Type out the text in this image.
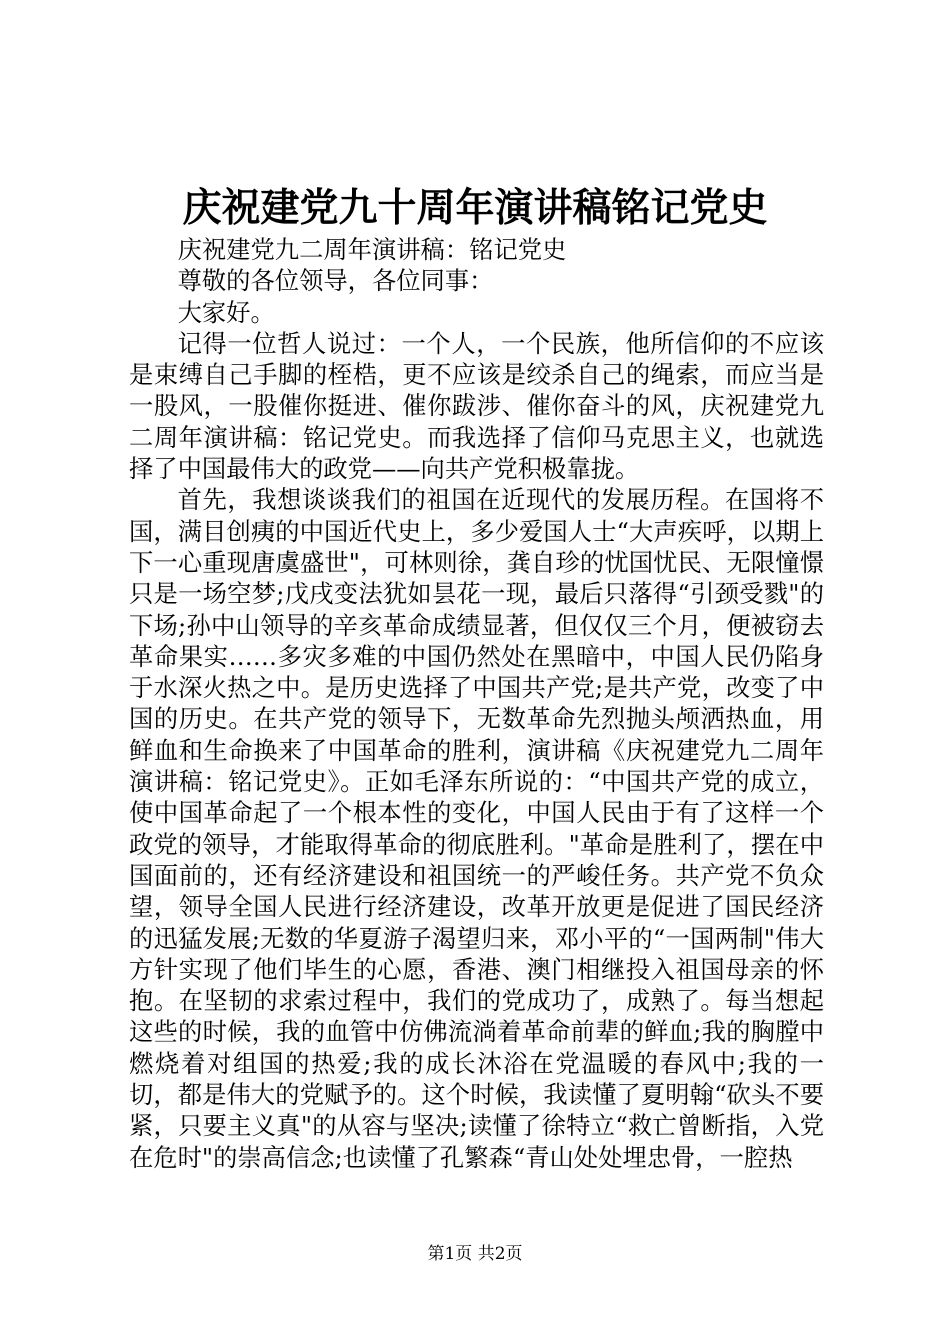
庆祝建党九十周年演讲稿铭记党史

庆祝建党九二周年演讲稿：铭记党史

尊敬的各位领导，各位同事：

大家好。

记得一位哲人说过：一个人，一个民族，他所信仰的不应该是束缚自己手脚的桎梏，更不应该是绞杀自己的绳索，而应当是一股风，一股催你挺进、催你跋涉、催你奋斗的风，庆祝建党九二周年演讲稿：铭记党史。而我选择了信仰马克思主义，也就选择了中国最伟大的政党——向共产党积极靠拢。

首先，我想谈谈我们的祖国在近现代的发展历程。在国将不国，满目创痍的中国近代史上，多少爱国人士“大声疾呼，以期上下一心重现唐虞盛世"，可林则徐，龚自珍的忧国忧民、无限憧憬只是一场空梦;戊戌变法犹如昙花一现，最后只落得“引颈受戮"的下场;孙中山领导的辛亥革命成绩显著，但仅仅三个月，便被窃去革命果实……多灾多难的中国仍然处在黑暗中，中国人民仍陷身于水深火热之中。是历史选择了中国共产党;是共产党，改变了中国的历史。在共产党的领导下，无数革命先烈抛头颅洒热血，用鲜血和生命换来了中国革命的胜利，演讲稿《庆祝建党九二周年演讲稿：铭记党史》。正如毛泽东所说的：“中国共产党的成立，使中国革命起了一个根本性的变化，中国人民由于有了这样一个政党的领导，才能取得革命的彻底胜利。"革命是胜利了，摆在中国面前的，还有经济建设和祖国统一的严峻任务。共产党不负众望，领导全国人民进行经济建设，改革开放更是促进了国民经济的迅猛发展;无数的华夏游子渴望归来，邓小平的“一国两制"伟大方针实现了他们毕生的心愿，香港、澳门相继投入祖国母亲的怀抱。在坚韧的求索过程中，我们的党成功了，成熟了。每当想起这些的时候，我的血管中仿佛流淌着革命前辈的鲜血;我的胸膛中燃烧着对组国的热爱;我的成长沐浴在党温暖的春风中;我的一切，都是伟大的党赋予的。这个时候，我读懂了夏明翰“砍头不要紧，只要主义真"的从容与坚决;读懂了徐特立“救亡曾断指，入党在危时"的崇高信念;也读懂了孔繁森“青山处处埋忠骨，一腔热

第1页 共2页
